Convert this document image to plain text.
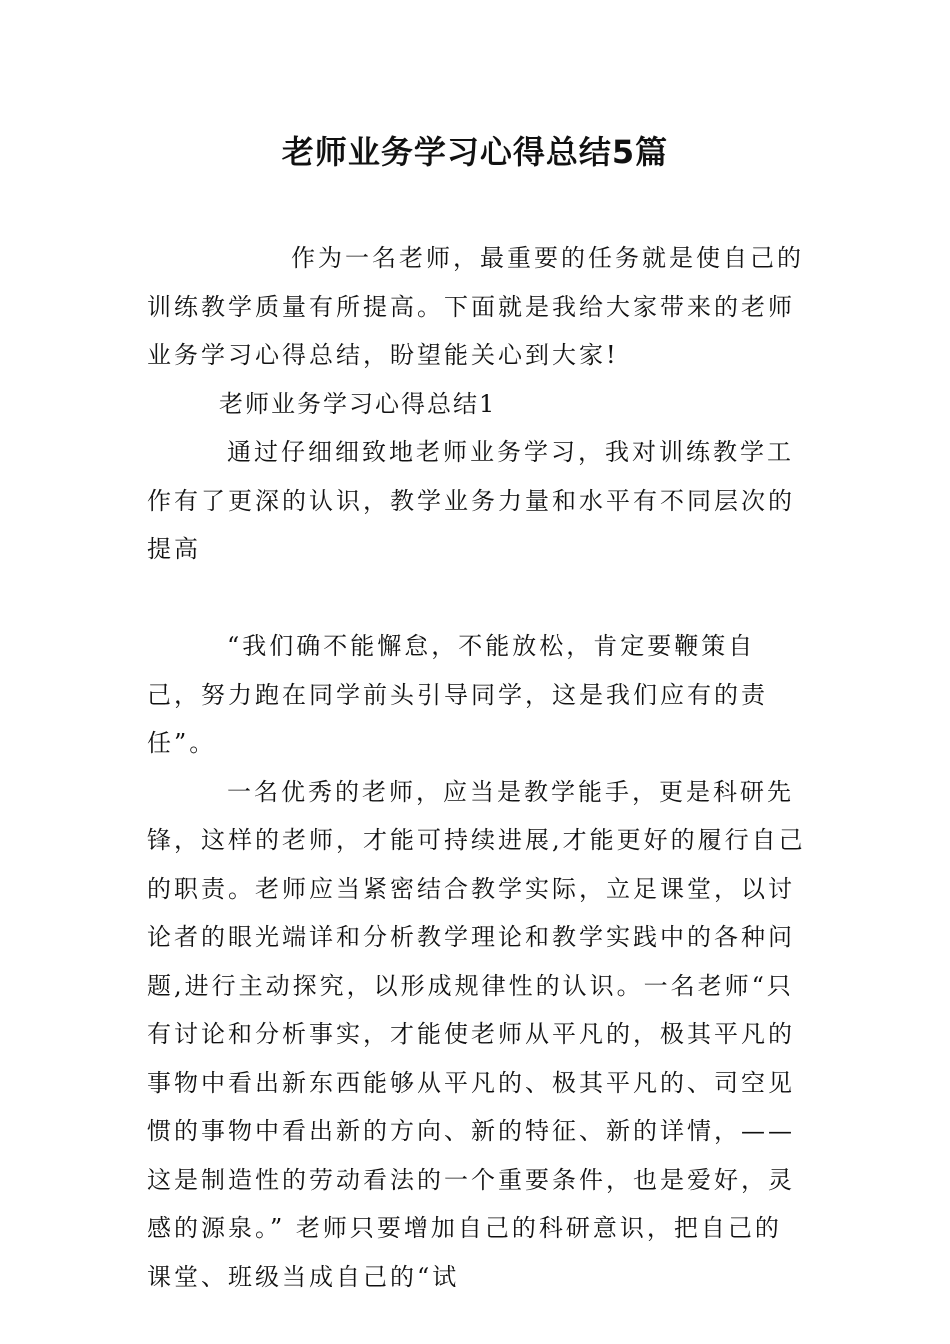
老师业务学习心得总结5篇

作为一名老师，最重要的任务就是使自己的训练教学质量有所提高。下面就是我给大家带来的老师业务学习心得总结，盼望能关心到大家!

老师业务学习心得总结1

通过仔细细致地老师业务学习，我对训练教学工作有了更深的认识，教学业务力量和水平有不同层次的提高

“我们确不能懈怠，不能放松，肯定要鞭策自己，努力跑在同学前头引导同学，这是我们应有的责任”。

一名优秀的老师，应当是教学能手，更是科研先锋，这样的老师，才能可持续进展,才能更好的履行自己的职责。老师应当紧密结合教学实际，立足课堂，以讨论者的眼光端详和分析教学理论和教学实践中的各种问题,进行主动探究，以形成规律性的认识。一名老师“只有讨论和分析事实，才能使老师从平凡的，极其平凡的事物中看出新东西能够从平凡的、极其平凡的、司空见惯的事物中看出新的方向、新的特征、新的详情，——这是制造性的劳动看法的一个重要条件，也是爱好，灵感的源泉。” 老师只要增加自己的科研意识，把自己的课堂、班级当成自己的“试
